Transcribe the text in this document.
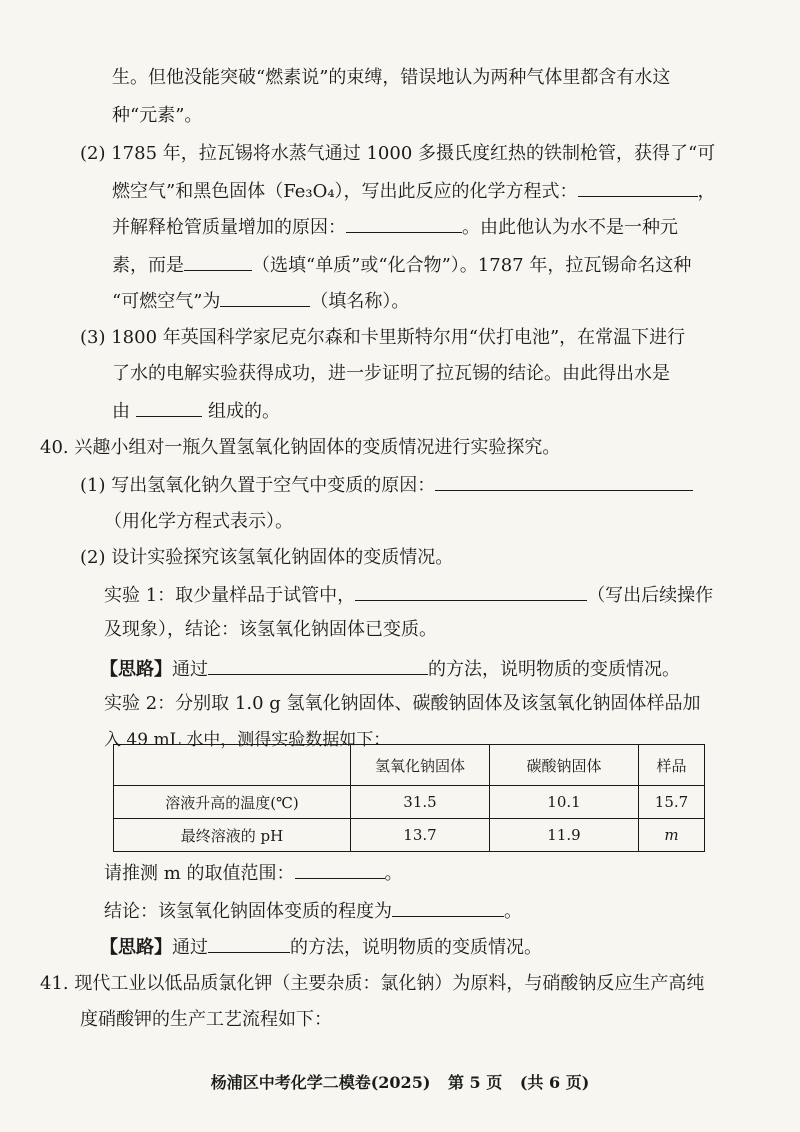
生。但他没能突破“燃素说”的束缚，错误地认为两种气体里都含有水这
种“元素”。
(2) 1785 年，拉瓦锡将水蒸气通过 1000 多摄氏度红热的铁制枪管，获得了“可
燃空气”和黑色固体（Fe₃O₄），写出此反应的化学方程式：	，
并解释枪管质量增加的原因：	。由此他认为水不是一种元
素，而是	（选填“单质”或“化合物”）。1787 年，拉瓦锡命名这种
“可燃空气”为	（填名称）。
(3) 1800 年英国科学家尼克尔森和卡里斯特尔用“伏打电池”，在常温下进行
了水的电解实验获得成功，进一步证明了拉瓦锡的结论。由此得出水是
由	组成的。
40. 兴趣小组对一瓶久置氢氧化钠固体的变质情况进行实验探究。
(1) 写出氢氧化钠久置于空气中变质的原因：
（用化学方程式表示）。
(2) 设计实验探究该氢氧化钠固体的变质情况。
实验 1：取少量样品于试管中，	（写出后续操作
及现象），结论：该氢氧化钠固体已变质。
【思路】通过	的方法，说明物质的变质情况。
实验 2：分别取 1.0 g 氢氧化钠固体、碳酸钠固体及该氢氧化钠固体样品加
入 49 mL 水中，测得实验数据如下：
	氢氧化钠固体	碳酸钠固体	样品
溶液升高的温度(℃)	31.5	10.1	15.7
最终溶液的 pH	13.7	11.9	m
请推测 m 的取值范围：	。
结论：该氢氧化钠固体变质的程度为	。
【思路】通过	的方法，说明物质的变质情况。
41. 现代工业以低品质氯化钾（主要杂质：氯化钠）为原料，与硝酸钠反应生产高纯
度硝酸钾的生产工艺流程如下：
杨浦区中考化学二模卷(2025) 第 5 页 (共 6 页)
